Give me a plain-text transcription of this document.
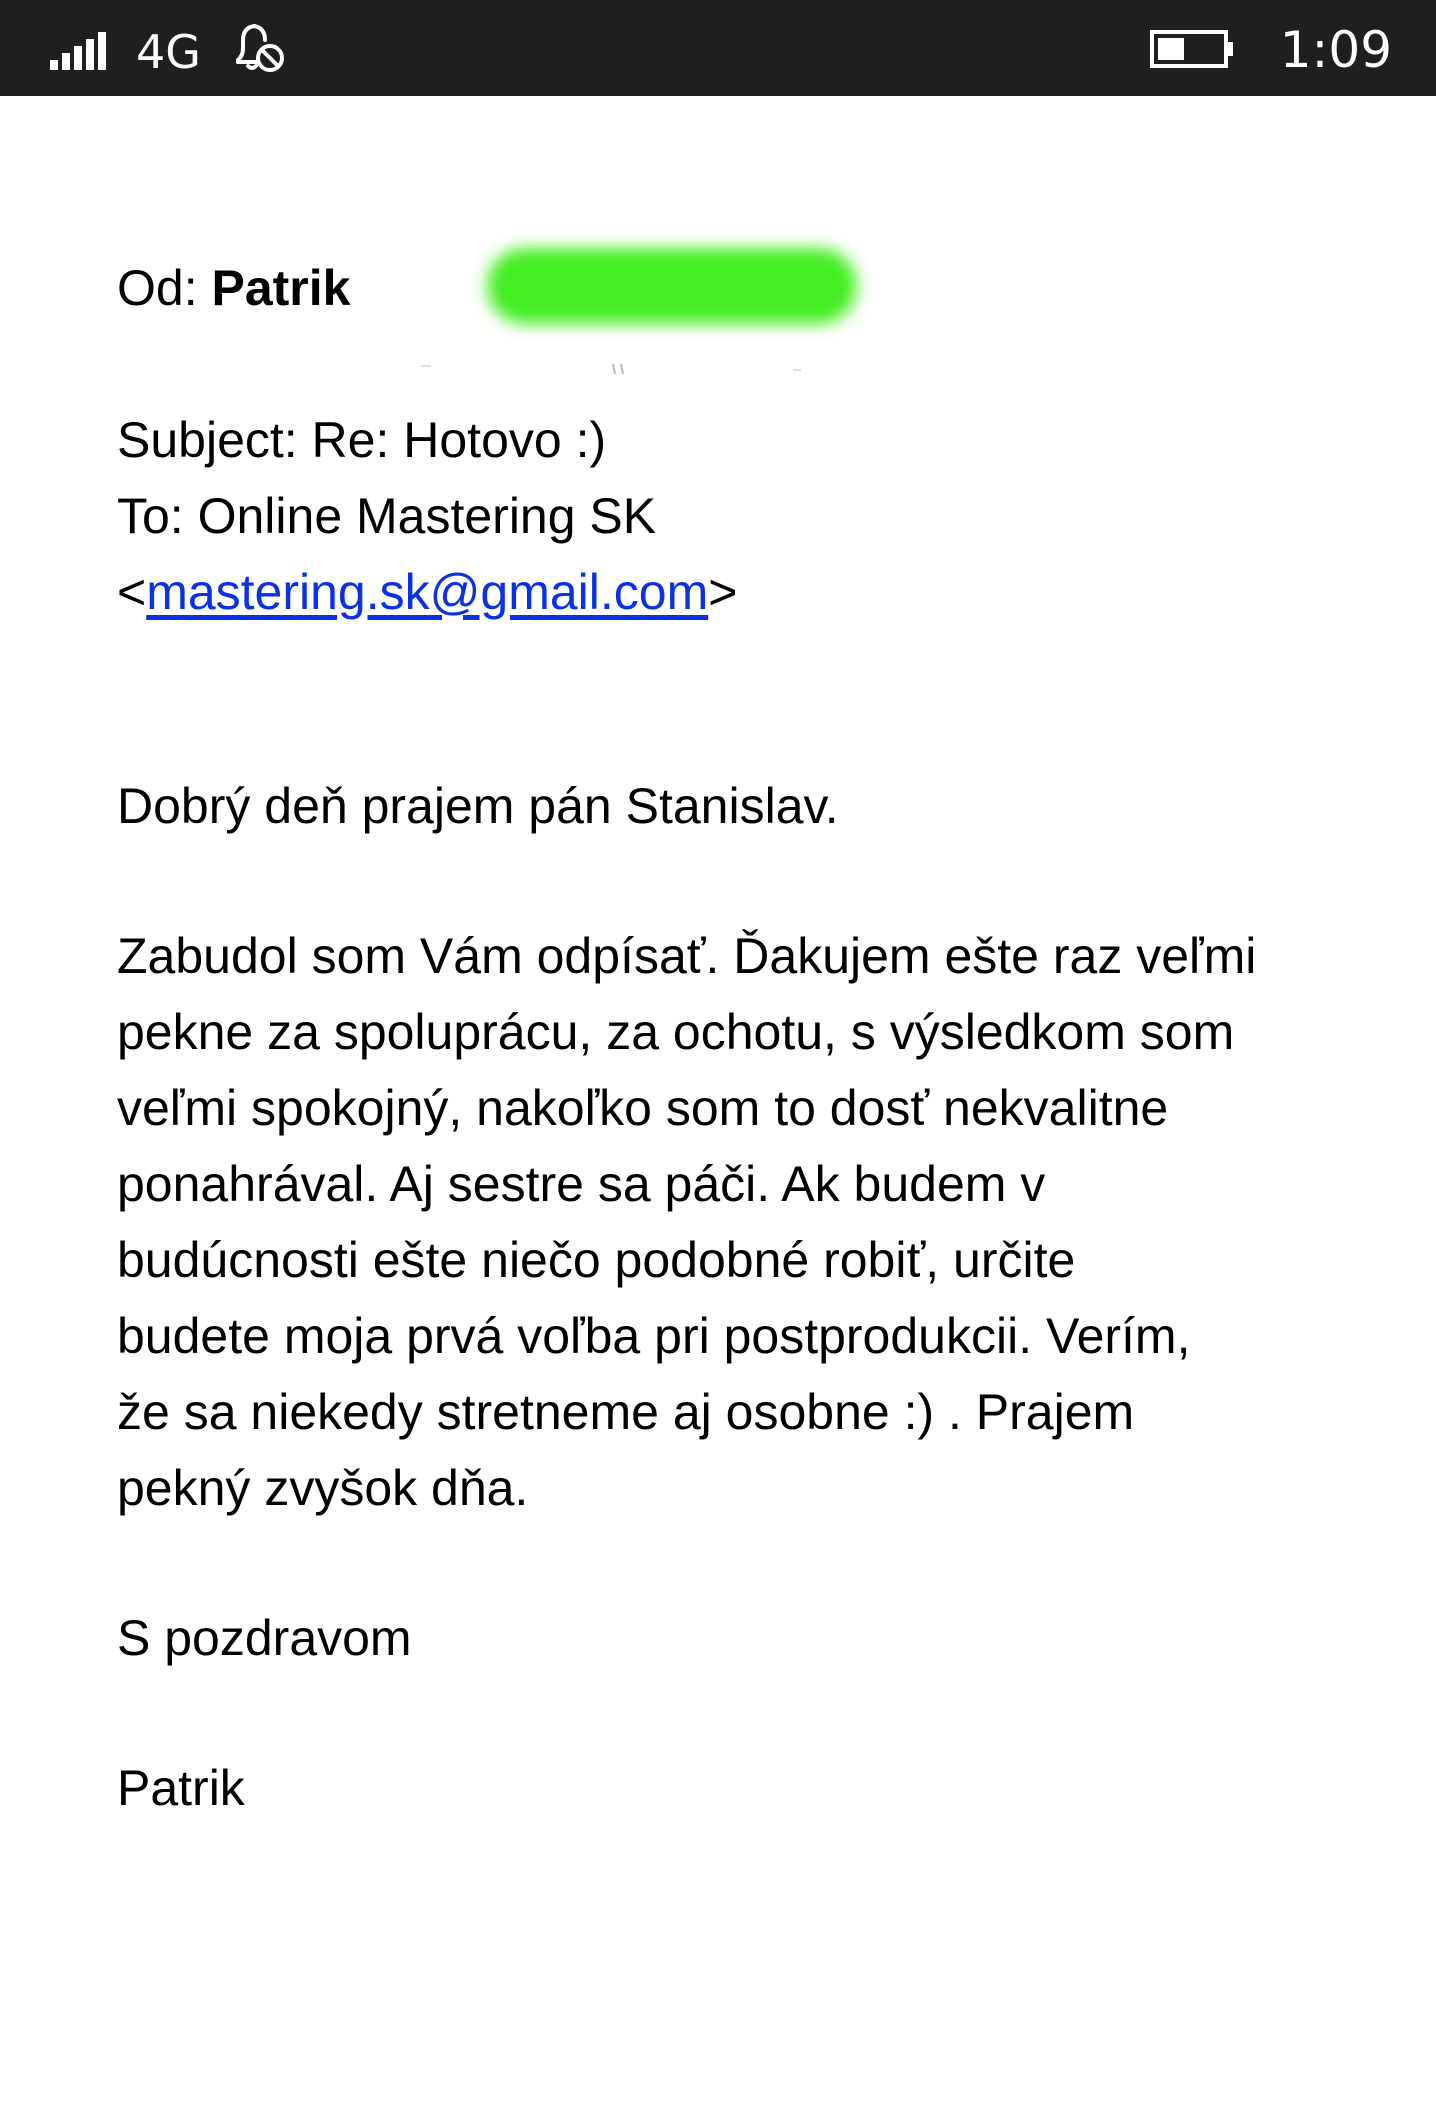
4G	1:09
Od: Patrik
Subject: Re: Hotovo :)
To: Online Mastering SK
<mastering.sk@gmail.com>
Dobrý deň prajem pán Stanislav.
Zabudol som Vám odpísať. Ďakujem ešte raz veľmi
pekne za spoluprácu, za ochotu, s výsledkom som
veľmi spokojný, nakoľko som to dosť nekvalitne
ponahrával. Aj sestre sa páči. Ak budem v
budúcnosti ešte niečo podobné robiť, určite
budete moja prvá voľba pri postprodukcii. Verím,
že sa niekedy stretneme aj osobne :) . Prajem
pekný zvyšok dňa.
S pozdravom
Patrik
